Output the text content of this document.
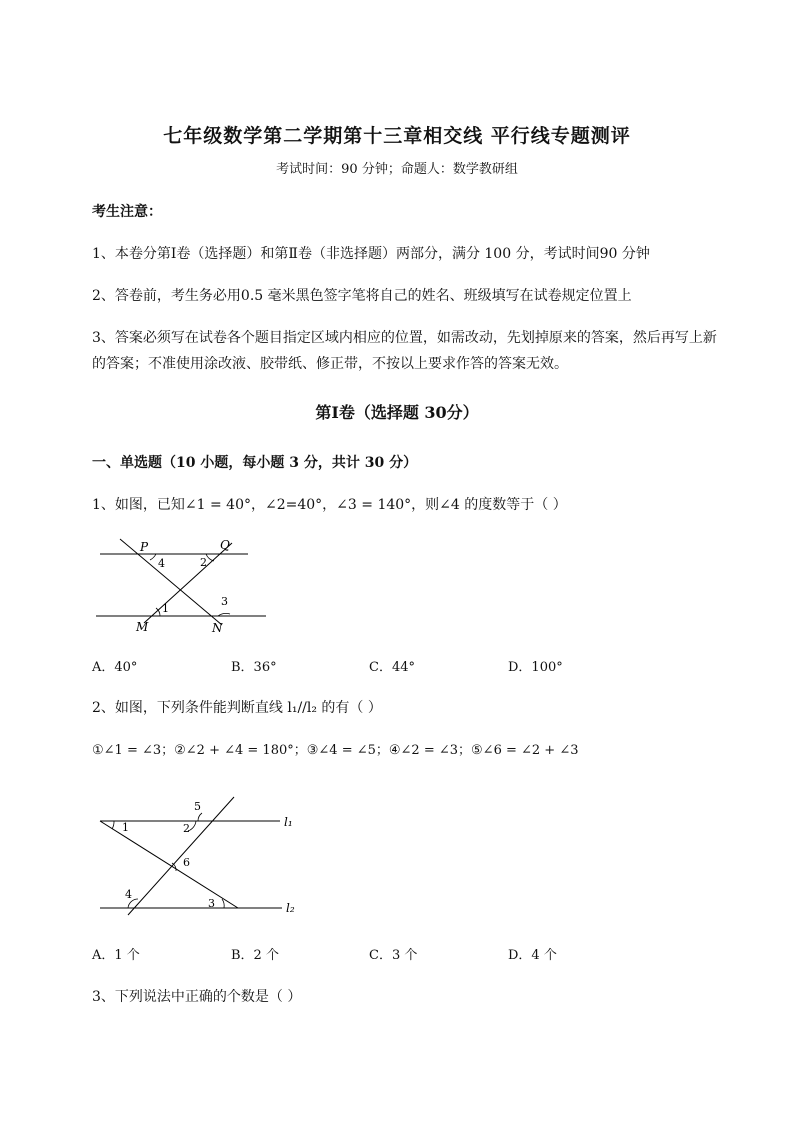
七年级数学第二学期第十三章相交线 平行线专题测评
考试时间：90 分钟；命题人：数学教研组
考生注意：
1、本卷分第Ⅰ卷（选择题）和第Ⅱ卷（非选择题）两部分，满分 100 分，考试时间90 分钟
2、答卷前，考生务必用0.5 毫米黑色签字笔将自己的姓名、班级填写在试卷规定位置上
3、答案必须写在试卷各个题目指定区域内相应的位置，如需改动，先划掉原来的答案，然后再写上新
的答案；不准使用涂改液、胶带纸、修正带，不按以上要求作答的答案无效。
第Ⅰ卷（选择题 30分）
一、单选题（10 小题，每小题 3 分，共计 30 分）
1、如图，已知∠1 = 40°，∠2=40°，∠3 = 140°，则∠4 的度数等于（ ）
P	Q
M	N
4	2
1
3
A．40°	B．36°	C．44°	D．100°
2、如图，下列条件能判断直线 l₁//l₂ 的有（ ）
①∠1 = ∠3；②∠2 + ∠4 = 180°；③∠4 = ∠5；④∠2 = ∠3；⑤∠6 = ∠2 + ∠3
1	2
5
6
4
3
l₁
l₂
A．1 个	B．2 个	C．3 个	D．4 个
3、下列说法中正确的个数是（ ）
